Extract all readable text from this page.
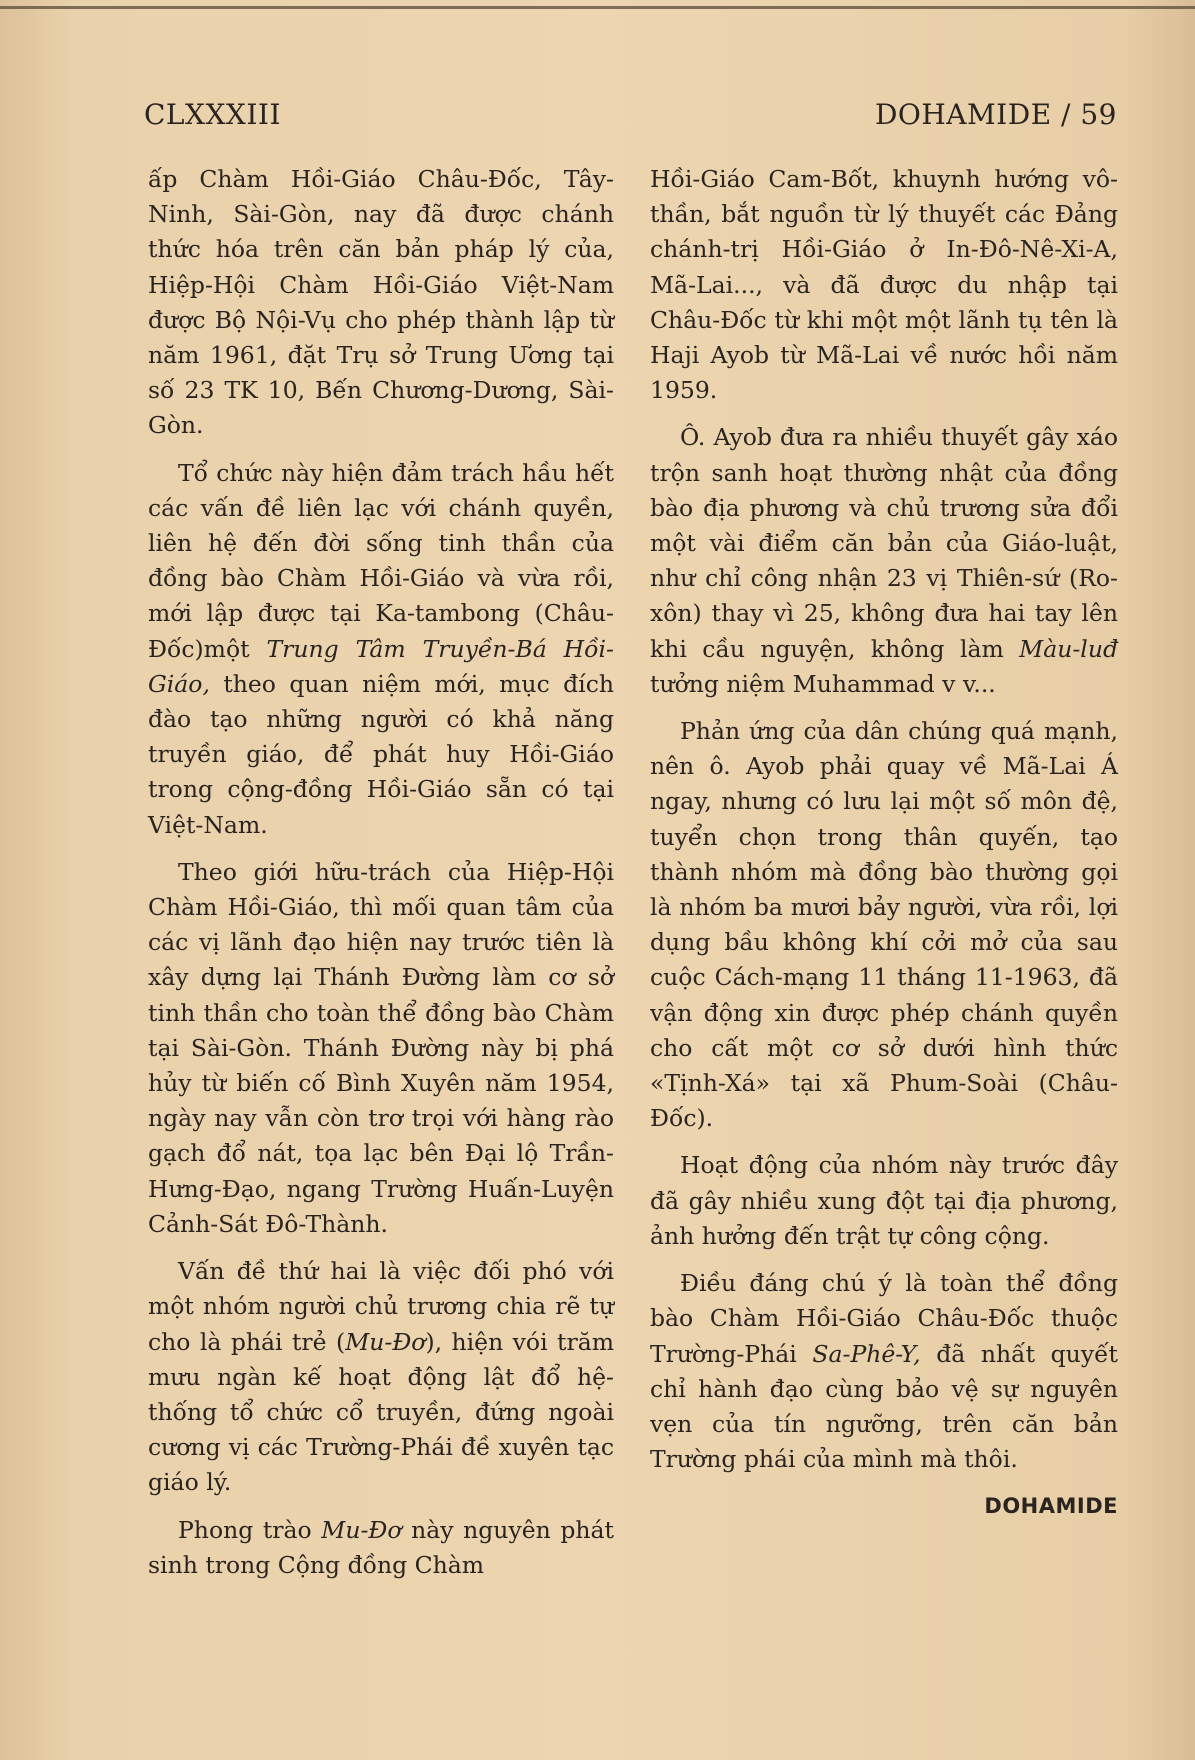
CLXXXIII	DOHAMIDE / 59

ấp Chàm Hồi-Giáo Châu-Đốc, Tây-Ninh, Sài-Gòn, nay đã được chánh thức hóa trên căn bản pháp lý của, Hiệp-Hội Chàm Hồi-Giáo Việt-Nam được Bộ Nội-Vụ cho phép thành lập từ năm 1961, đặt Trụ sở Trung Ương tại số 23 TK 10, Bến Chương-Dương, Sài-Gòn.

Tổ chức này hiện đảm trách hầu hết các vấn đề liên lạc với chánh quyền, liên hệ đến đời sống tinh thần của đồng bào Chàm Hồi-Giáo và vừa rồi, mới lập được tại Ka-tambong (Châu-Đốc)một Trung Tâm Truyền-Bá Hồi-Giáo, theo quan niệm mới, mục đích đào tạo những người có khả năng truyền giáo, để phát huy Hồi-Giáo trong cộng-đồng Hồi-Giáo sẵn có tại Việt-Nam.

Theo giới hữu-trách của Hiệp-Hội Chàm Hồi-Giáo, thì mối quan tâm của các vị lãnh đạo hiện nay trước tiên là xây dựng lại Thánh Đường làm cơ sở tinh thần cho toàn thể đồng bào Chàm tại Sài-Gòn. Thánh Đường này bị phá hủy từ biến cố Bình Xuyên năm 1954, ngày nay vẫn còn trơ trọi với hàng rào gạch đổ nát, tọa lạc bên Đại lộ Trần-Hưng-Đạo, ngang Trường Huấn-Luyện Cảnh-Sát Đô-Thành.

Vấn đề thứ hai là việc đối phó với một nhóm người chủ trương chia rẽ tự cho là phái trẻ (Mu-Đơ), hiện vói trăm mưu ngàn kế hoạt động lật đổ hệ-thống tổ chức cổ truyền, đứng ngoài cương vị các Trường-Phái đề xuyên tạc giáo lý.

Phong trào Mu-Đơ này nguyên phát sinh trong Cộng đồng Chàm

Hồi-Giáo Cam-Bốt, khuynh hướng vô-thần, bắt nguồn từ lý thuyết các Đảng chánh-trị Hồi-Giáo ở In-Đô-Nê-Xi-A, Mã-Lai..., và đã được du nhập tại Châu-Đốc từ khi một một lãnh tụ tên là Haji Ayob từ Mã-Lai về nước hồi năm 1959.

Ô. Ayob đưa ra nhiều thuyết gây xáo trộn sanh hoạt thường nhật của đồng bào địa phương và chủ trương sửa đổi một vài điểm căn bản của Giáo-luật, như chỉ công nhận 23 vị Thiên-sứ (Ro-xôn) thay vì 25, không đưa hai tay lên khi cầu nguyện, không làm Màu-luđ tưởng niệm Muhammad v v...

Phản ứng của dân chúng quá mạnh, nên ô. Ayob phải quay về Mã-Lai Á ngay, nhưng có lưu lại một số môn đệ, tuyển chọn trong thân quyến, tạo thành nhóm mà đồng bào thường gọi là nhóm ba mươi bảy người, vừa rồi, lợi dụng bầu không khí cởi mở của sau cuộc Cách-mạng 11 tháng 11-1963, đã vận động xin được phép chánh quyền cho cất một cơ sở dưới hình thức «Tịnh-Xá» tại xã Phum-Soài (Châu-Đốc).

Hoạt động của nhóm này trước đây đã gây nhiều xung đột tại địa phương, ảnh hưởng đến trật tự công cộng.

Điều đáng chú ý là toàn thể đồng bào Chàm Hồi-Giáo Châu-Đốc thuộc Trường-Phái Sa-Phê-Y, đã nhất quyết chỉ hành đạo cùng bảo vệ sự nguyên vẹn của tín ngưỡng, trên căn bản Trường phái của mình mà thôi.

DOHAMIDE
